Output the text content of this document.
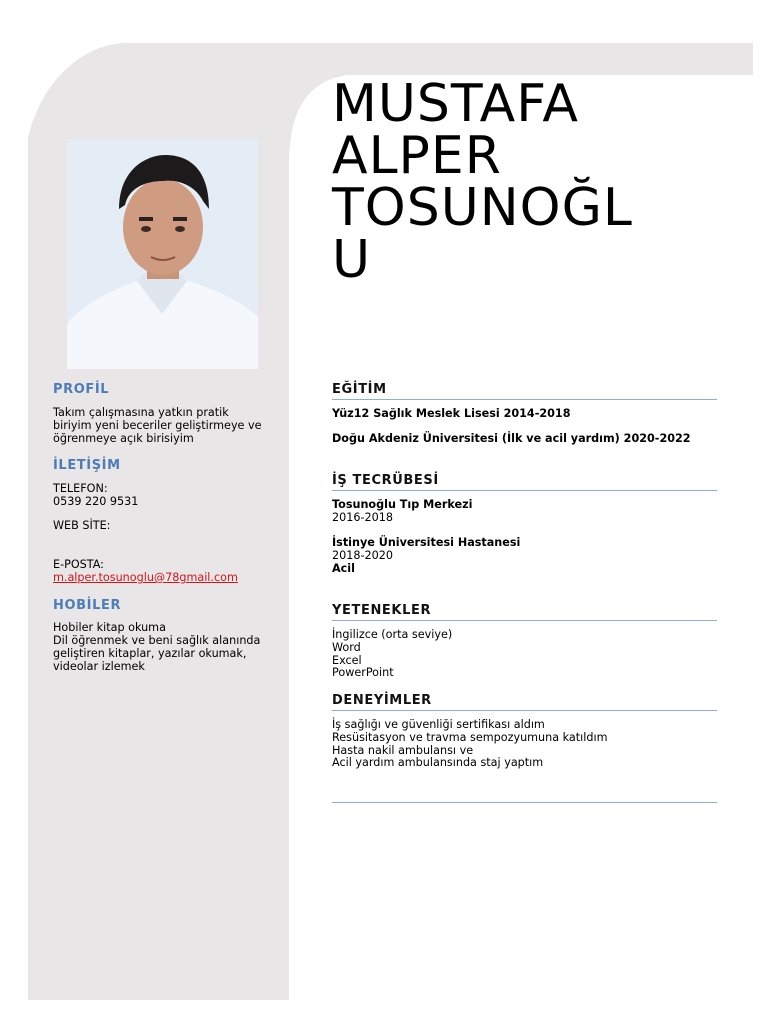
MUSTAFA
ALPER
TOSUNOĞL
U
PROFİL

Takım çalışmasına yatkın pratik
biriyim yeni beceriler geliştirmeye ve
öğrenmeye açık birisiyim

İLETİŞİM

TELEFON:
0539 220 9531

WEB SİTE:

E-POSTA:
m.alper.tosunoglu@78gmail.com

HOBİLER

Hobiler kitap okuma
Dil öğrenmek ve beni sağlık alanında
geliştiren kitaplar, yazılar okumak,
videolar izlemek

EĞİTİM

Yüz12 Sağlık Meslek Lisesi 2014-2018

Doğu Akdeniz Üniversitesi (İlk ve acil yardım) 2020-2022

İŞ TECRÜBESİ

Tosunoğlu Tıp Merkezi
2016-2018

İstinye Üniversitesi Hastanesi
2018-2020
Acil

YETENEKLER

İngilizce (orta seviye)
Word
Excel
PowerPoint

DENEYİMLER

İş sağlığı ve güvenliği sertifikası aldım
Resüsitasyon ve travma sempozyumuna katıldım
Hasta nakil ambulansı ve
Acil yardım ambulansında staj yaptım
